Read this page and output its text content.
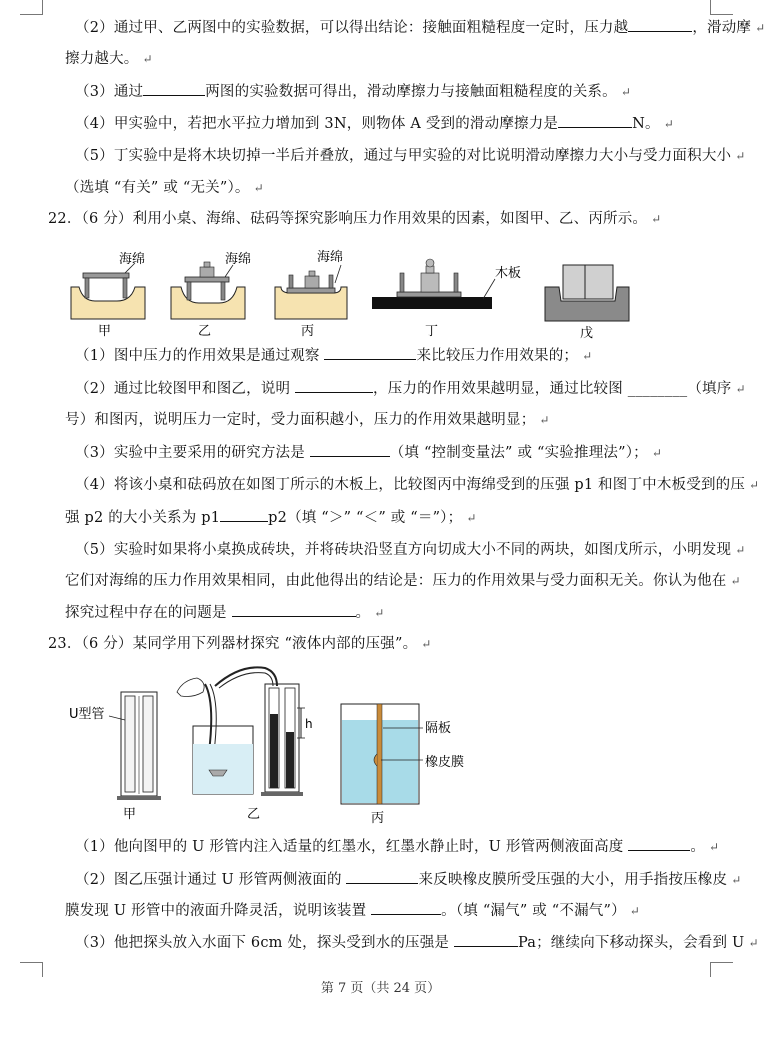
（2）通过甲、乙两图中的实验数据，可以得出结论：接触面粗糙程度一定时，压力越	，滑动摩 ↵
擦力越大。 ↵
（3）通过	两图的实验数据可得出，滑动摩擦力与接触面粗糙程度的关系。 ↵
（4）甲实验中，若把水平拉力增加到 3N，则物体 A 受到的滑动摩擦力是	N。 ↵
（5）丁实验中是将木块切掉一半后并叠放，通过与甲实验的对比说明滑动摩擦力大小与受力面积大小 ↵
（选填 “有关” 或 “无关”）。 ↵
22．（6 分）利用小桌、海绵、砝码等探究影响压力作用效果的因素，如图甲、乙、丙所示。 ↵
（1）图中压力的作用效果是通过观察	来比较压力作用效果的； ↵
（2）通过比较图甲和图乙，说明	，压力的作用效果越明显，通过比较图 ________（填序 ↵
号）和图丙，说明压力一定时，受力面积越小，压力的作用效果越明显； ↵
（3）实验中主要采用的研究方法是	（填 “控制变量法” 或 “实验推理法”）； ↵
（4）将该小桌和砝码放在如图丁所示的木板上，比较图丙中海绵受到的压强 p1 和图丁中木板受到的压 ↵
强 p2 的大小关系为 p1	p2（填 “＞” “＜” 或 “＝”）； ↵
（5）实验时如果将小桌换成砖块，并将砖块沿竖直方向切成大小不同的两块，如图戊所示，小明发现 ↵
它们对海绵的压力作用效果相同，由此他得出的结论是：压力的作用效果与受力面积无关。你认为他在 ↵
探究过程中存在的问题是	。 ↵
23．（6 分）某同学用下列器材探究 “液体内部的压强”。 ↵
（1）他向图甲的 U 形管内注入适量的红墨水，红墨水静止时，U 形管两侧液面高度	。 ↵
（2）图乙压强计通过 U 形管两侧液面的	来反映橡皮膜所受压强的大小，用手指按压橡皮 ↵
膜发现 U 形管中的液面升降灵活，说明该装置	。（填 “漏气” 或 “不漏气”） ↵
（3）他把探头放入水面下 6cm 处，探头受到水的压强是	Pa；继续向下移动探头，会看到 U ↵
海绵
甲
海绵
乙
海绵
丙
木板
丁	戊
U型管
甲
h
乙
隔板
橡皮膜
丙
第 7 页（共 24 页）
